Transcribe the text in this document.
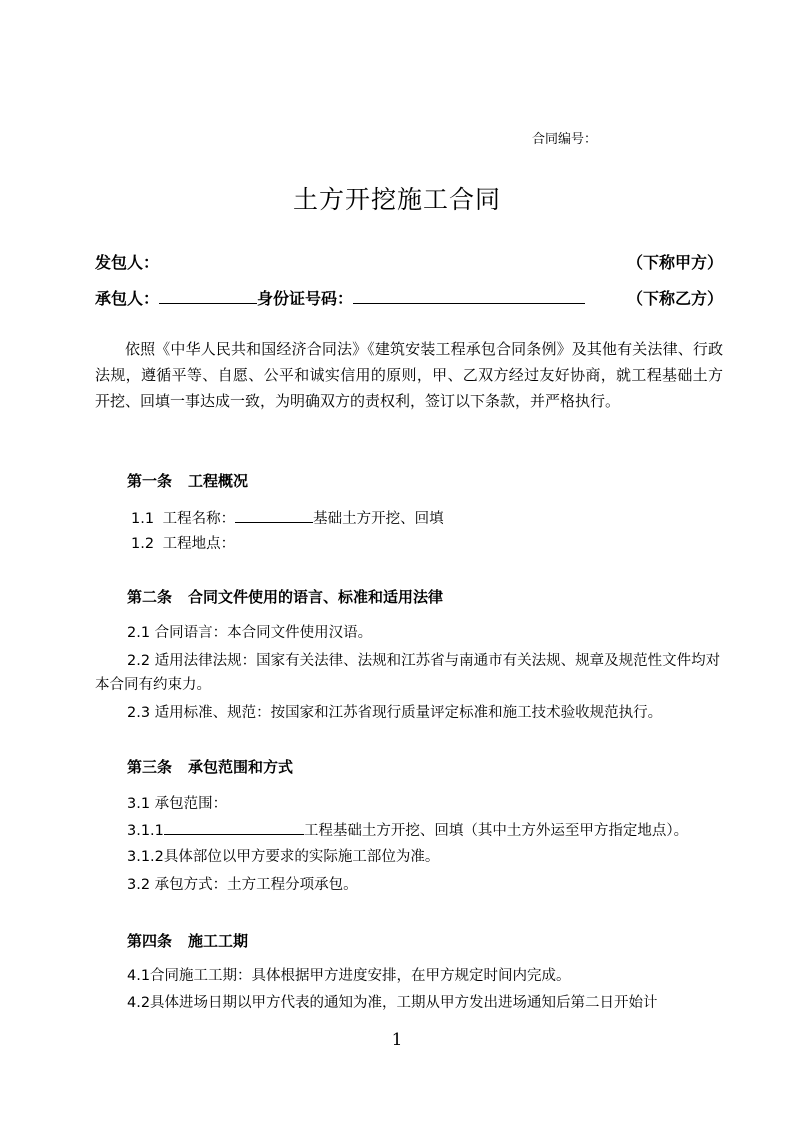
合同编号：
土方开挖施工合同
发包人：	（下称甲方）
承包人：	身份证号码：	（下称乙方）
依照《中华人民共和国经济合同法》《建筑安装工程承包合同条例》及其他有关法律、行政法规，遵循平等、自愿、公平和诚实信用的原则，甲、乙双方经过友好协商，就工程基础土方开挖、回填一事达成一致，为明确双方的责权利，签订以下条款，并严格执行。
第一条 工程概况
1.1 工程名称：	基础土方开挖、回填
1.2 工程地点：
第二条 合同文件使用的语言、标准和适用法律
2.1 合同语言：本合同文件使用汉语。
2.2 适用法律法规：国家有关法律、法规和江苏省与南通市有关法规、规章及规范性文件均对本合同有约束力。
2.3 适用标准、规范：按国家和江苏省现行质量评定标准和施工技术验收规范执行。
第三条 承包范围和方式
3.1 承包范围：
3.1.1	工程基础土方开挖、回填（其中土方外运至甲方指定地点）。
3.1.2具体部位以甲方要求的实际施工部位为准。
3.2 承包方式：土方工程分项承包。
第四条 施工工期
4.1合同施工工期：具体根据甲方进度安排，在甲方规定时间内完成。
4.2具体进场日期以甲方代表的通知为准，工期从甲方发出进场通知后第二日开始计
1
